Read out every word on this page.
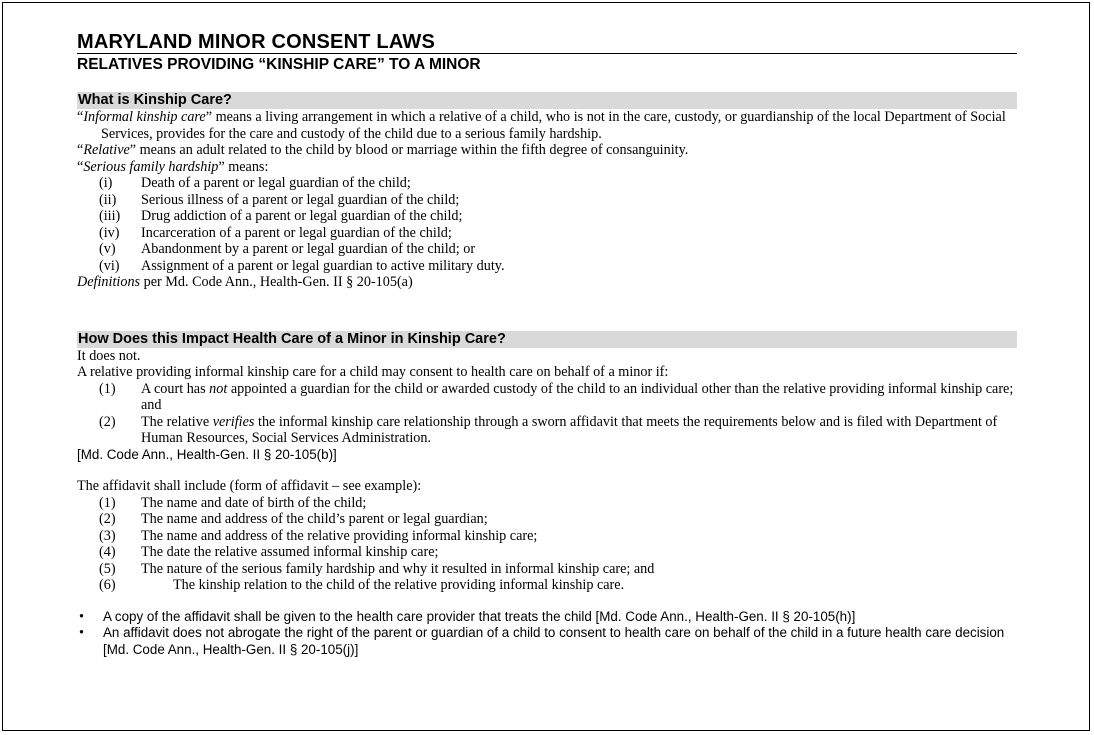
MARYLAND MINOR CONSENT LAWS
RELATIVES PROVIDING “KINSHIP CARE” TO A MINOR
What is Kinship Care?

“Informal kinship care” means a living arrangement in which a relative of a child, who is not in the care, custody, or guardianship of the local Department of Social Services, provides for the care and custody of the child due to a serious family hardship.

“Relative” means an adult related to the child by blood or marriage within the fifth degree of consanguinity.

“Serious family hardship” means:

(i)	Death of a parent or legal guardian of the child;
(ii)	Serious illness of a parent or legal guardian of the child;
(iii)	Drug addiction of a parent or legal guardian of the child;
(iv)	Incarceration of a parent or legal guardian of the child;
(v)	Abandonment by a parent or legal guardian of the child; or
(vi)	Assignment of a parent or legal guardian to active military duty.

Definitions per Md. Code Ann., Health-Gen. II § 20-105(a)

How Does this Impact Health Care of a Minor in Kinship Care?

It does not.

A relative providing informal kinship care for a child may consent to health care on behalf of a minor if:

(1)	A court has not appointed a guardian for the child or awarded custody of the child to an individual other than the relative providing informal kinship care; and
(2)	The relative verifies the informal kinship care relationship through a sworn affidavit that meets the requirements below and is filed with Department of Human Resources, Social Services Administration.

[Md. Code Ann., Health-Gen. II § 20-105(b)]

The affidavit shall include (form of affidavit – see example):

(1)	The name and date of birth of the child;
(2)	The name and address of the child’s parent or legal guardian;
(3)	The name and address of the relative providing informal kinship care;
(4)	The date the relative assumed informal kinship care;
(5)	The nature of the serious family hardship and why it resulted in informal kinship care; and
(6)	The kinship relation to the child of the relative providing informal kinship care.
•	A copy of the affidavit shall be given to the health care provider that treats the child [Md. Code Ann., Health-Gen. II § 20-105(h)]
•	An affidavit does not abrogate the right of the parent or guardian of a child to consent to health care on behalf of the child in a future health care decision [Md. Code Ann., Health-Gen. II § 20-105(j)]
